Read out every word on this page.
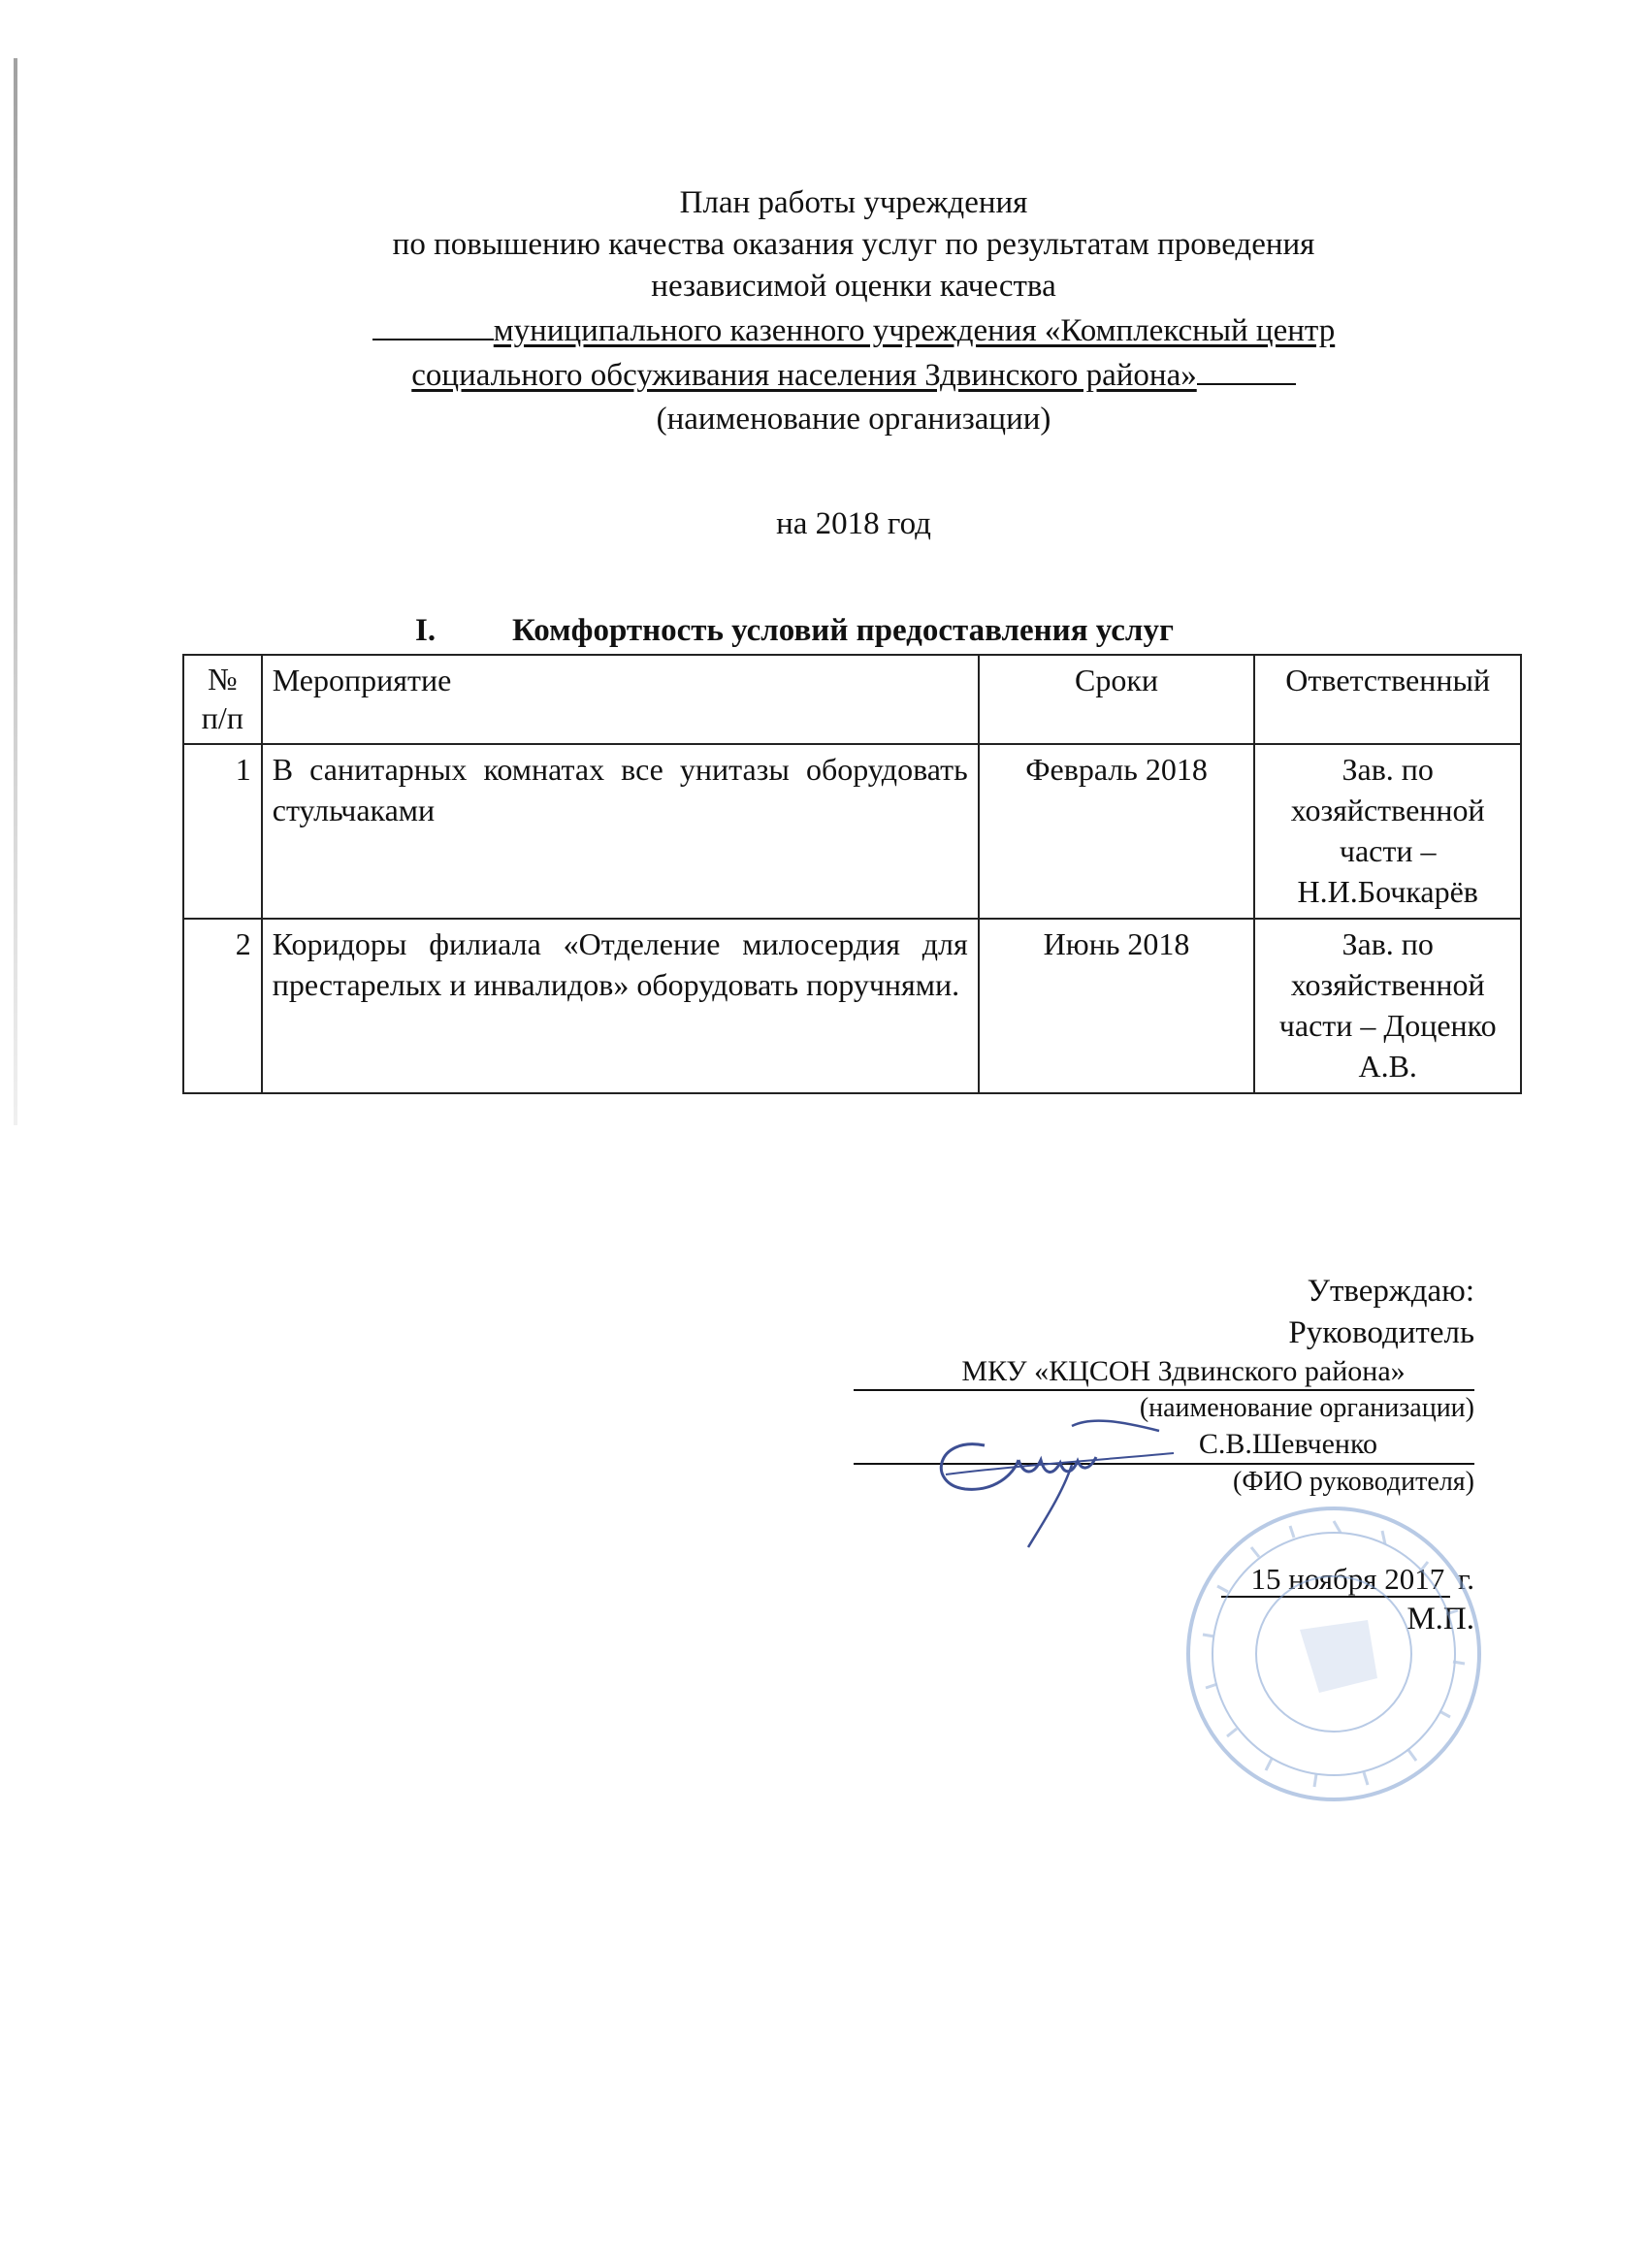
План работы учреждения
по повышению качества оказания услуг по результатам проведения
независимой оценки качества
муниципального казенного учреждения «Комплексный центр
социального обсуживания населения Здвинского района»
(наименование организации)
на 2018 год
I. Комфортность условий предоставления услуг
№ п/п	Мероприятие	Сроки	Ответственный
1	В санитарных комнатах все унитазы оборудовать стульчаками	Февраль 2018	Зав. по хозяйственной части – Н.И.Бочкарёв
2	Коридоры филиала «Отделение милосердия для престарелых и инвалидов» оборудовать поручнями.	Июнь 2018	Зав. по хозяйственной части – Доценко А.В.
Утверждаю:
Руководитель
МКУ «КЦСОН Здвинского района»
(наименование организации)
С.В.Шевченко
(ФИО руководителя)
15 ноября 2017 г.
М.П.
